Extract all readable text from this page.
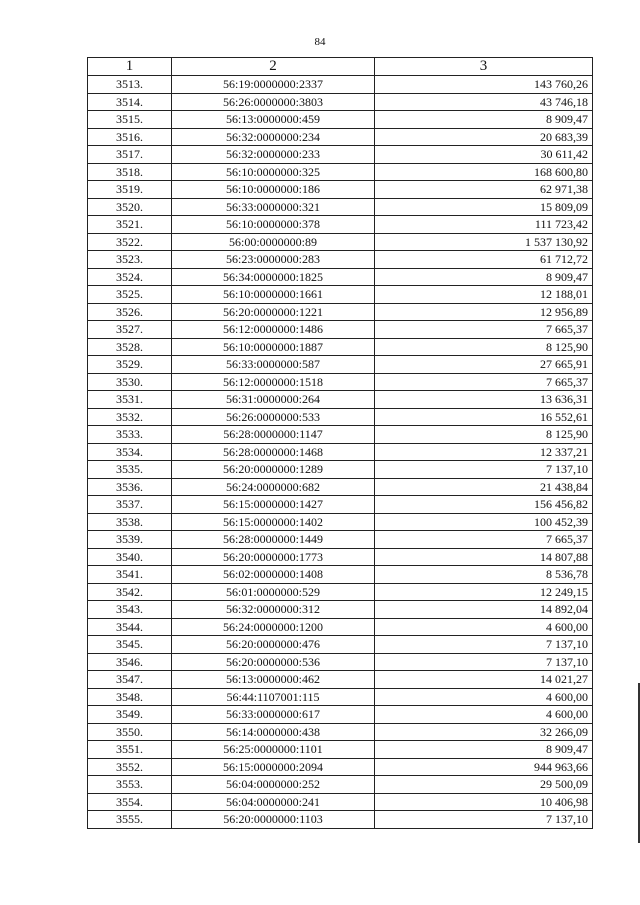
84
1	2	3
3513.	56:19:0000000:2337	143 760,26
3514.	56:26:0000000:3803	43 746,18
3515.	56:13:0000000:459	8 909,47
3516.	56:32:0000000:234	20 683,39
3517.	56:32:0000000:233	30 611,42
3518.	56:10:0000000:325	168 600,80
3519.	56:10:0000000:186	62 971,38
3520.	56:33:0000000:321	15 809,09
3521.	56:10:0000000:378	111 723,42
3522.	56:00:0000000:89	1 537 130,92
3523.	56:23:0000000:283	61 712,72
3524.	56:34:0000000:1825	8 909,47
3525.	56:10:0000000:1661	12 188,01
3526.	56:20:0000000:1221	12 956,89
3527.	56:12:0000000:1486	7 665,37
3528.	56:10:0000000:1887	8 125,90
3529.	56:33:0000000:587	27 665,91
3530.	56:12:0000000:1518	7 665,37
3531.	56:31:0000000:264	13 636,31
3532.	56:26:0000000:533	16 552,61
3533.	56:28:0000000:1147	8 125,90
3534.	56:28:0000000:1468	12 337,21
3535.	56:20:0000000:1289	7 137,10
3536.	56:24:0000000:682	21 438,84
3537.	56:15:0000000:1427	156 456,82
3538.	56:15:0000000:1402	100 452,39
3539.	56:28:0000000:1449	7 665,37
3540.	56:20:0000000:1773	14 807,88
3541.	56:02:0000000:1408	8 536,78
3542.	56:01:0000000:529	12 249,15
3543.	56:32:0000000:312	14 892,04
3544.	56:24:0000000:1200	4 600,00
3545.	56:20:0000000:476	7 137,10
3546.	56:20:0000000:536	7 137,10
3547.	56:13:0000000:462	14 021,27
3548.	56:44:1107001:115	4 600,00
3549.	56:33:0000000:617	4 600,00
3550.	56:14:0000000:438	32 266,09
3551.	56:25:0000000:1101	8 909,47
3552.	56:15:0000000:2094	944 963,66
3553.	56:04:0000000:252	29 500,09
3554.	56:04:0000000:241	10 406,98
3555.	56:20:0000000:1103	7 137,10
